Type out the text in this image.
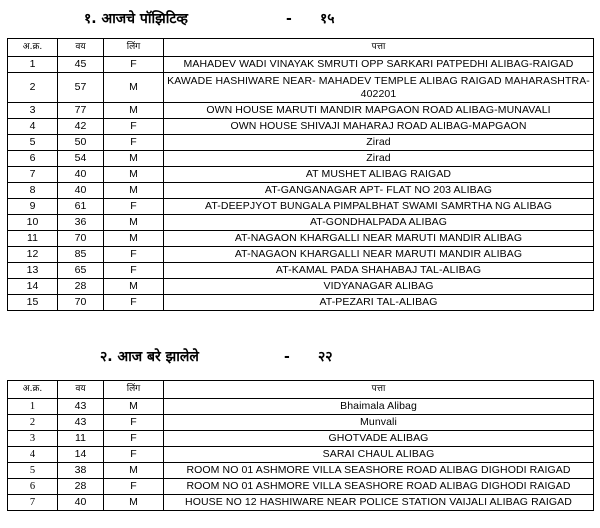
१. आजचे पॉझिटिव्ह	- १५
अ.क्र.	वय	लिंग	पत्ता
1	45	F	MAHADEV WADI VINAYAK SMRUTI OPP SARKARI PATPEDHI ALIBAG-RAIGAD
2	57	M	KAWADE HASHIWARE NEAR- MAHADEV TEMPLE ALIBAG RAIGAD MAHARASHTRA-402201
3	77	M	OWN HOUSE MARUTI MANDIR MAPGAON ROAD ALIBAG-MUNAVALI
4	42	F	OWN HOUSE SHIVAJI MAHARAJ ROAD ALIBAG-MAPGAON
5	50	F	Zirad
6	54	M	Zirad
7	40	M	AT MUSHET ALIBAG RAIGAD
8	40	M	AT-GANGANAGAR APT- FLAT NO 203 ALIBAG
9	61	F	AT-DEEPJYOT BUNGALA PIMPALBHAT SWAMI SAMRTHA NG ALIBAG
10	36	M	AT-GONDHALPADA ALIBAG
11	70	M	AT-NAGAON KHARGALLI NEAR MARUTI MANDIR ALIBAG
12	85	F	AT-NAGAON KHARGALLI NEAR MARUTI MANDIR ALIBAG
13	65	F	AT-KAMAL PADA SHAHABAJ TAL-ALIBAG
14	28	M	VIDYANAGAR ALIBAG
15	70	F	AT-PEZARI TAL-ALIBAG
२. आज बरे झालेले	- २२
अ.क्र.	वय	लिंग	पत्ता
1	43	M	Bhaimala Alibag
2	43	F	Munvali
3	11	F	GHOTVADE ALIBAG
4	14	F	SARAI CHAUL ALIBAG
5	38	M	ROOM NO 01 ASHMORE VILLA SEASHORE ROAD ALIBAG DIGHODI RAIGAD
6	28	F	ROOM NO 01 ASHMORE VILLA SEASHORE ROAD ALIBAG DIGHODI RAIGAD
7	40	M	HOUSE NO 12 HASHIWARE NEAR POLICE STATION VAIJALI ALIBAG RAIGAD
